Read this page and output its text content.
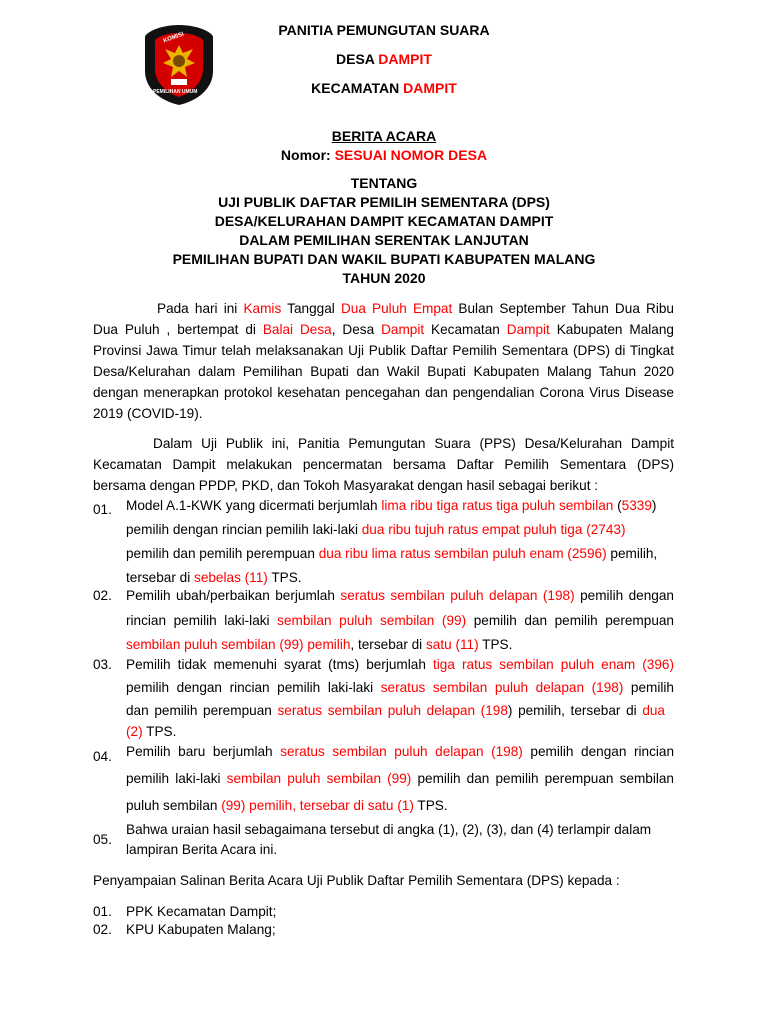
KOMISI
PEMILIHAN UMUM
PANITIA PEMUNGUTAN SUARA
DESA DAMPIT
KECAMATAN DAMPIT
BERITA ACARA
Nomor: SESUAI NOMOR DESA
TENTANG
UJI PUBLIK DAFTAR PEMILIH SEMENTARA (DPS)
DESA/KELURAHAN DAMPIT KECAMATAN DAMPIT
DALAM PEMILIHAN SERENTAK LANJUTAN
PEMILIHAN BUPATI DAN WAKIL BUPATI KABUPATEN MALANG
TAHUN 2020
Pada hari ini Kamis Tanggal Dua Puluh Empat Bulan September Tahun Dua Ribu
Dua Puluh , bertempat di Balai Desa, Desa Dampit Kecamatan Dampit Kabupaten Malang
Provinsi Jawa Timur telah melaksanakan Uji Publik Daftar Pemilih Sementara (DPS) di Tingkat
Desa/Kelurahan dalam Pemilihan Bupati dan Wakil Bupati Kabupaten Malang Tahun 2020
dengan menerapkan protokol kesehatan pencegahan dan pengendalian Corona Virus Disease
2019 (COVID-19).
Dalam Uji Publik ini, Panitia Pemungutan Suara (PPS) Desa/Kelurahan Dampit
Kecamatan Dampit melakukan pencermatan bersama Daftar Pemilih Sementara (DPS)
bersama dengan PPDP, PKD, dan Tokoh Masyarakat dengan hasil sebagai berikut :
01. Model A.1-KWK yang dicermati berjumlah lima ribu tiga ratus tiga puluh sembilan (5339)
pemilih dengan rincian pemilih laki-laki dua ribu tujuh ratus empat puluh tiga (2743)
pemilih dan pemilih perempuan dua ribu lima ratus sembilan puluh enam (2596) pemilih,
tersebar di sebelas (11) TPS.
02. Pemilih ubah/perbaikan berjumlah seratus sembilan puluh delapan (198) pemilih dengan
rincian pemilih laki-laki sembilan puluh sembilan (99) pemilih dan pemilih perempuan
sembilan puluh sembilan (99) pemilih, tersebar di satu (11) TPS.
03. Pemilih tidak memenuhi syarat (tms) berjumlah tiga ratus sembilan puluh enam (396)
pemilih dengan rincian pemilih laki-laki seratus sembilan puluh delapan (198) pemilih
dan pemilih perempuan seratus sembilan puluh delapan (198) pemilih, tersebar di dua
(2) TPS.
04. Pemilih baru berjumlah seratus sembilan puluh delapan (198) pemilih dengan rincian
pemilih laki-laki sembilan puluh sembilan (99) pemilih dan pemilih perempuan sembilan
puluh sembilan (99) pemilih, tersebar di satu (1) TPS.
05.
Bahwa uraian hasil sebagaimana tersebut di angka (1), (2), (3), dan (4) terlampir dalam
lampiran Berita Acara ini.
Penyampaian Salinan Berita Acara Uji Publik Daftar Pemilih Sementara (DPS) kepada :
01. PPK Kecamatan Dampit;
02. KPU Kabupaten Malang;
